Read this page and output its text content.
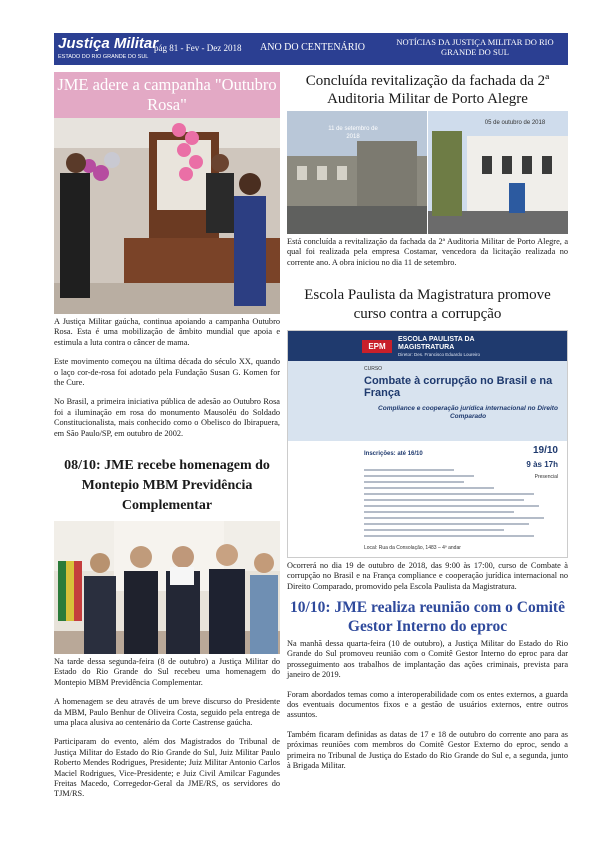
Justiça Militar
ESTADO DO RIO GRANDE DO SUL
pág 81 - Fev - Dez 2018 ANO DO CENTENÁRIO	NOTÍCIAS DA JUSTIÇA MILITAR DO RIO GRANDE DO SUL
JME adere a campanha "Outubro Rosa"

A Justiça Militar gaúcha, continua apoiando a campanha Outubro Rosa. Esta é uma mobilização de âmbito mundial que apoia e estimula a luta contra o câncer de mama.

Este movimento começou na última década do século XX, quando o laço cor-de-rosa foi adotado pela Fundação Susan G. Komen for the Cure.

No Brasil, a primeira iniciativa pública de adesão ao Outubro Rosa foi a iluminação em rosa do monumento Mausoléu do Soldado Constitucionalista, mais conhecido como o Obelisco do Ibirapuera, em São Paulo/SP, em outubro de 2002.

08/10: JME recebe homenagem do Montepio MBM Previdência Complementar

Na tarde dessa segunda-feira (8 de outubro) a Justiça Militar do Estado do Rio Grande do Sul recebeu uma homenagem do Montepio MBM Previdência Complementar.

A homenagem se deu através de um breve discurso do Presidente da MBM, Paulo Benhur de Oliveira Costa, seguido pela entrega de uma placa alusiva ao centenário da Corte Castrense gaúcha.

Participaram do evento, além dos Magistrados do Tribunal de Justiça Militar do Estado do Rio Grande do Sul, Juiz Militar Paulo Roberto Mendes Rodrigues, Presidente; Juiz Militar Antonio Carlos Maciel Rodrigues, Vice-Presidente; e Juiz Civil Amilcar Fagundes Freitas Macedo, Corregedor-Geral da JME/RS, os servidores do TJM/RS.

Concluída revitalização da fachada da 2ª Auditoria Militar de Porto Alegre
11 de setembro de 2018
05 de outubro de 2018
Está concluída a revitalização da fachada da 2ª Auditoria Militar de Porto Alegre, a qual foi realizada pela empresa Costamar, vencedora da licitação realizada no corrente ano. A obra iniciou no dia 11 de setembro.
Escola Paulista da Magistratura promove curso contra a corrupção
EPM
ESCOLA PAULISTA DA MAGISTRATURA
Diretor: Des. Francisco Eduardo Loureiro
CURSO
Combate à corrupção no Brasil e na França
Compliance e cooperação jurídica internacional no Direito Comparado
Inscrições: até 16/10	19/10
9 às 17h
Presencial
Local: Rua da Consolação, 1483 – 4º andar
Ocorrerá no dia 19 de outubro de 2018, das 9:00 às 17:00, curso de Combate à corrupção no Brasil e na França compliance e cooperação jurídica internacional no Direito Comparado, promovido pela Escola Paulista da Magistratura.
10/10: JME realiza reunião com o Comitê Gestor Interno do eproc

Na manhã dessa quarta-feira (10 de outubro), a Justiça Militar do Estado do Rio Grande do Sul promoveu reunião com o Comitê Gestor Interno do eproc para dar prosseguimento aos trabalhos de implantação das ações criminais, prevista para janeiro de 2019.

Foram abordados temas como a interoperabilidade com os entes externos, a guarda dos eventuais documentos fixos e a gestão de usuários externos, entre outros assuntos.

Também ficaram definidas as datas de 17 e 18 de outubro do corrente ano para as próximas reuniões com membros do Comitê Gestor Externo do eproc, sendo a primeira no Tribunal de Justiça do Estado do Rio Grande do Sul e, a segunda, junto à Brigada Militar.
